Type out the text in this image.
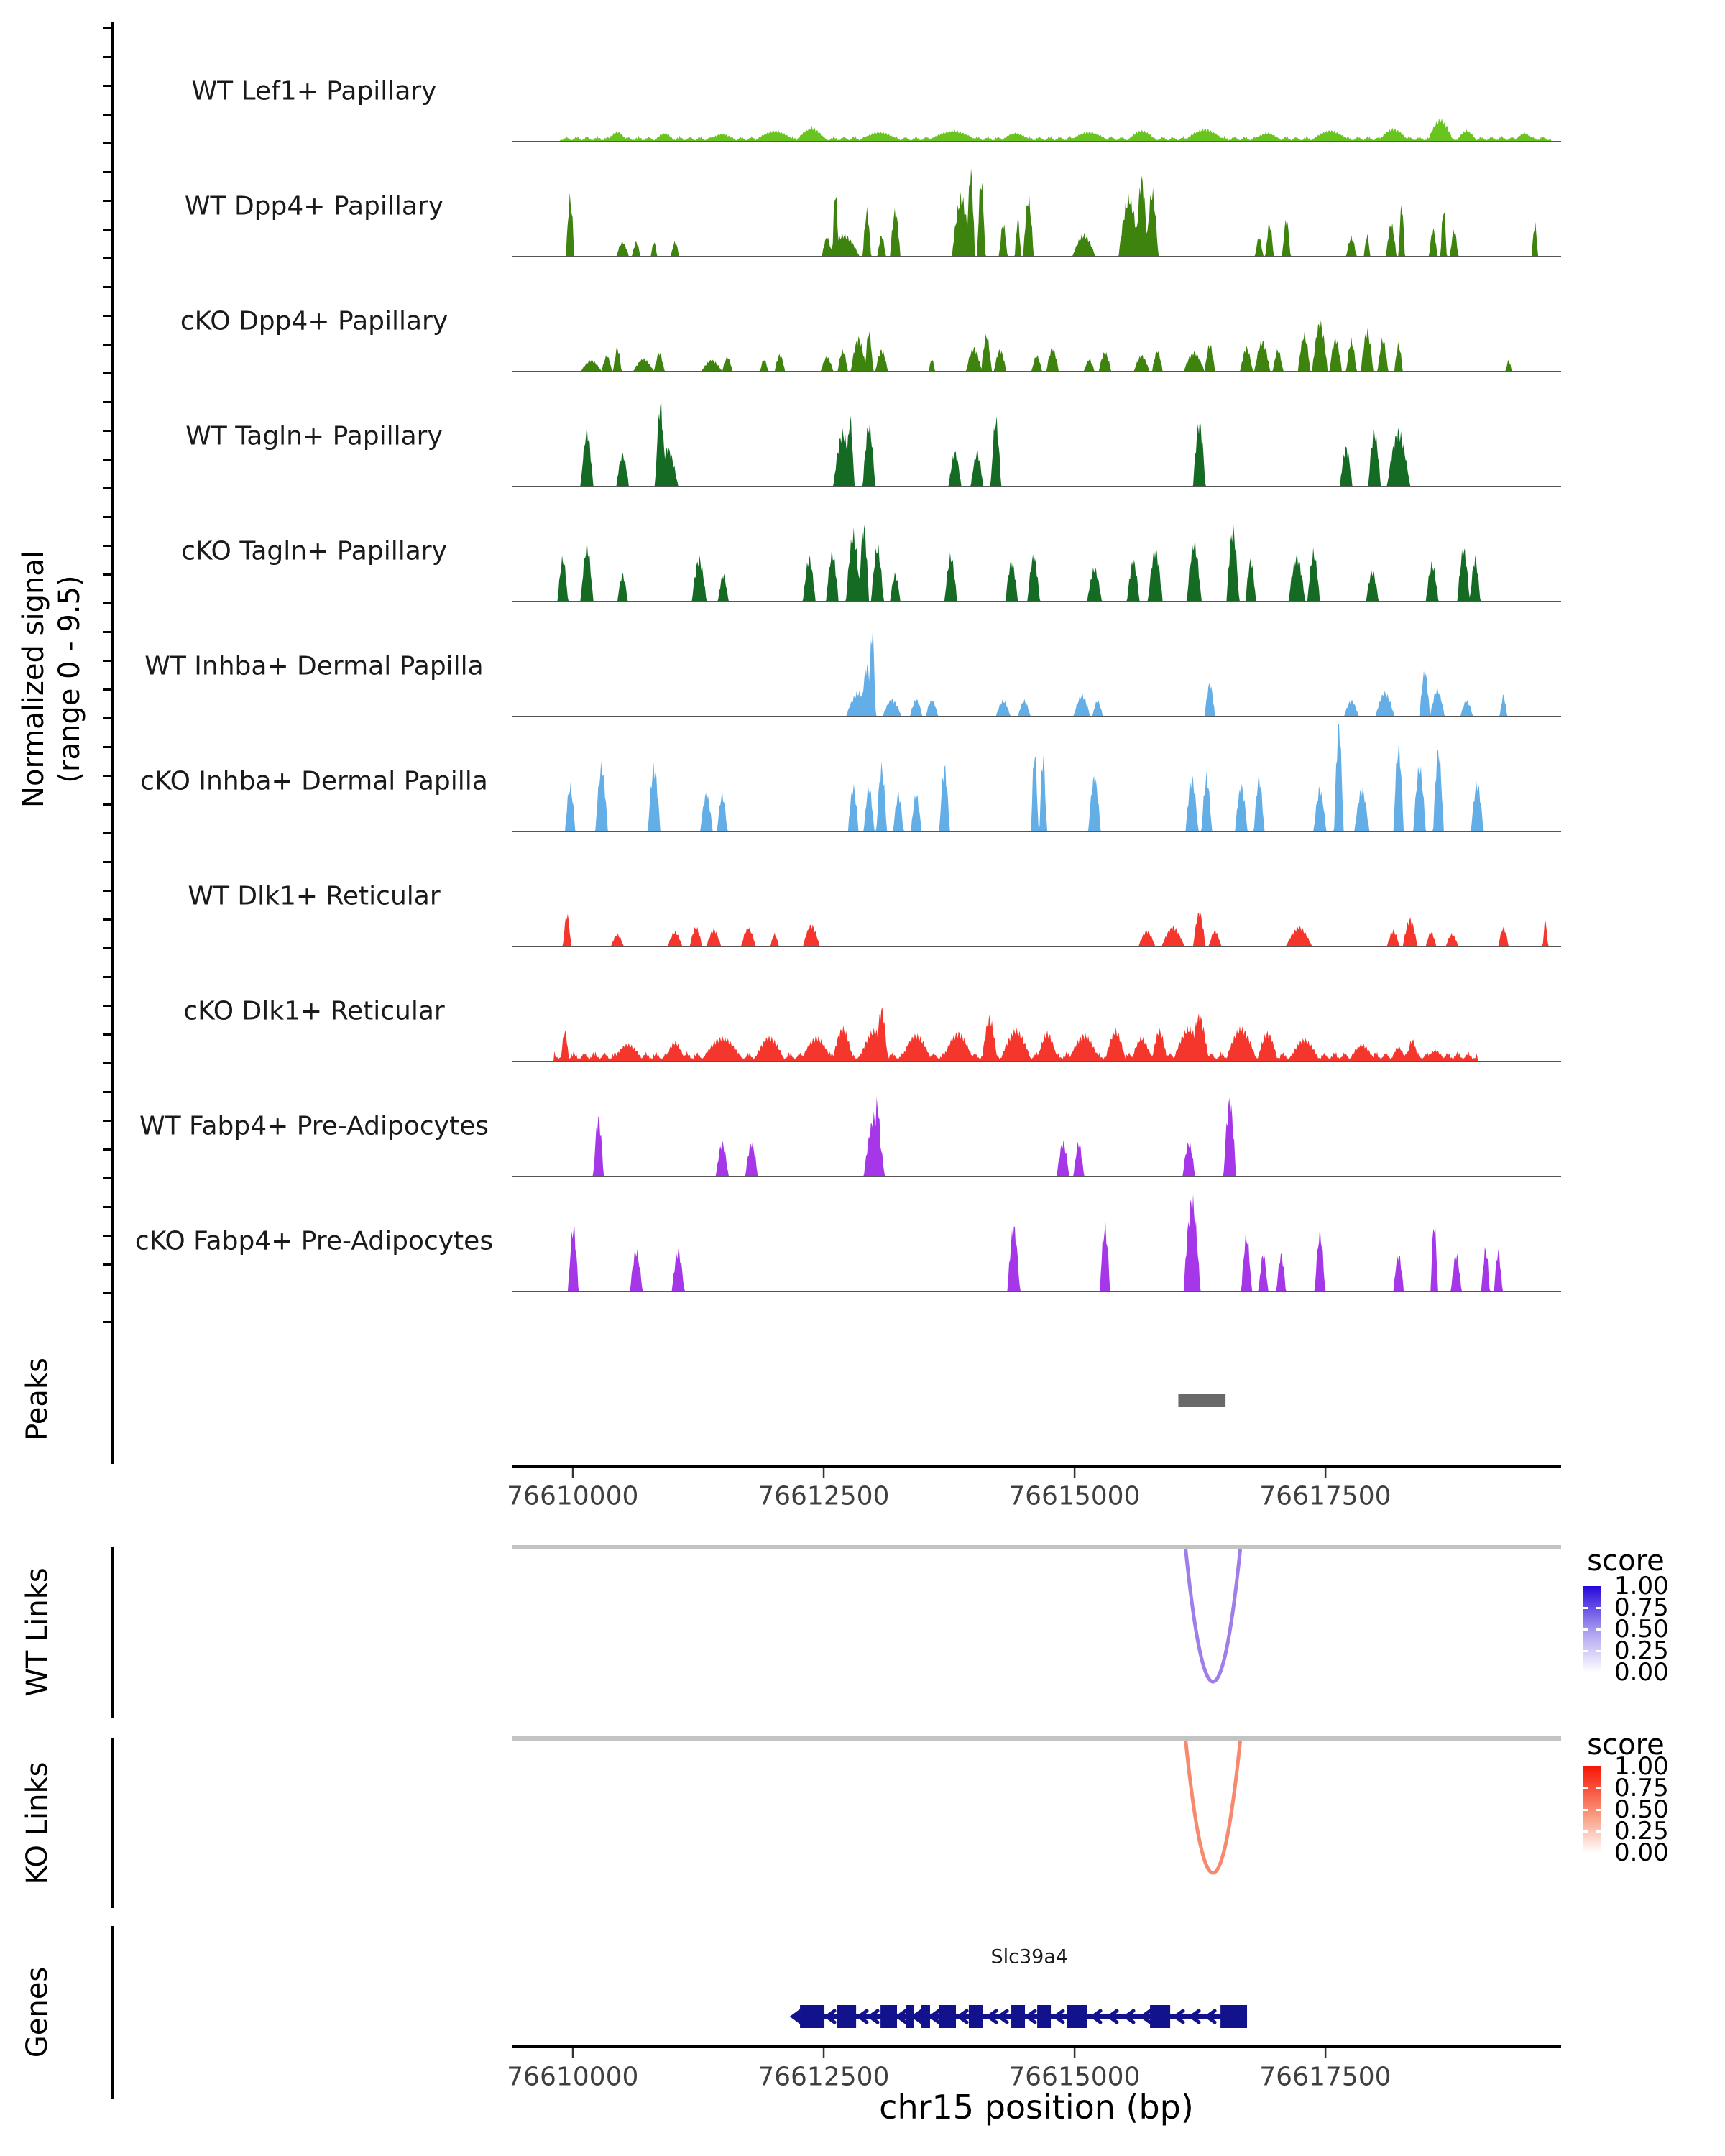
Normalized signal (range 0 - 9.5)
Peaks
WT Links
KO Links
Genes
score
score
Slc39a4
chr15 position (bp)
WT Lef1+ Papillary
WT Dpp4+ Papillary
cKO Dpp4+ Papillary
WT Tagln+ Papillary
cKO Tagln+ Papillary
WT Inhba+ Dermal Papilla
cKO Inhba+ Dermal Papilla
WT Dlk1+ Reticular
cKO Dlk1+ Reticular
WT Fabp4+ Pre-Adipocytes
cKO Fabp4+ Pre-Adipocytes
76610000	76612500	76615000	76617500
76610000	76612500	76615000	76617500
1.00
0.75
0.50
0.25
0.00
1.00
0.75
0.50
0.25
0.00
